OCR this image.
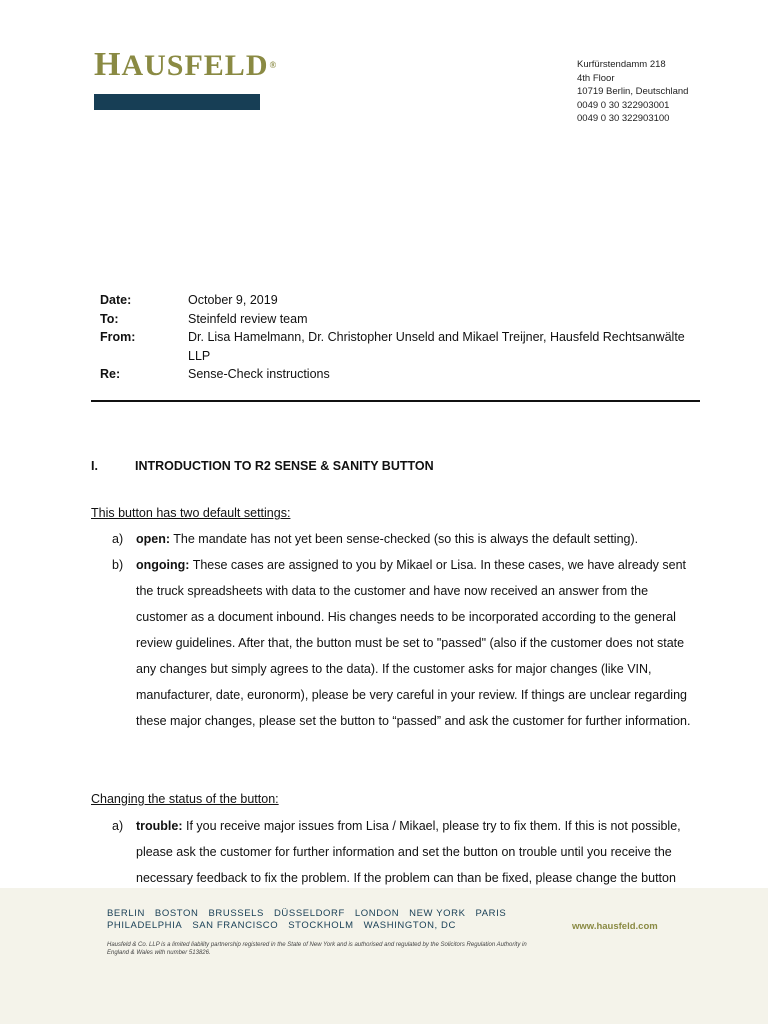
HAUSFELD®	Kurfürstendamm 218
4th Floor
10719 Berlin, Deutschland
0049 0 30 322903001
0049 0 30 322903100
Date:	October 9, 2019
To:	Steinfeld review team
From:	Dr. Lisa Hamelmann, Dr. Christopher Unseld and Mikael Treijner, Hausfeld Rechtsanwälte LLP
Re:	Sense-Check instructions
I.	INTRODUCTION TO R2 SENSE & SANITY BUTTON
This button has two default settings:
a)	open: The mandate has not yet been sense-checked (so this is always the default setting).
b)	ongoing: These cases are assigned to you by Mikael or Lisa. In these cases, we have already sent the truck spreadsheets with data to the customer and have now received an answer from the customer as a document inbound. His changes needs to be incorporated according to the general review guidelines. After that, the button must be set to "passed" (also if the customer does not state any changes but simply agrees to the data). If the customer asks for major changes (like VIN, manufacturer, date, euronorm), please be very careful in your review. If things are unclear regarding these major changes, please set the button to “passed” and ask the customer for further information.
Changing the status of the button:
a)	trouble: If you receive major issues from Lisa / Mikael, please try to fix them. If this is not possible, please ask the customer for further information and set the button on trouble until you receive the necessary feedback to fix the problem. If the problem can than be fixed, please change the button
BERLIN BOSTON BRUSSELS DÜSSELDORF LONDON NEW YORK PARIS
PHILADELPHIA SAN FRANCISCO STOCKHOLM WASHINGTON, DC
Hausfeld & Co. LLP is a limited liability partnership registered in the State of New York and is authorised and regulated by the Solicitors Regulation Authority in England & Wales with number 513826.
www.hausfeld.com
